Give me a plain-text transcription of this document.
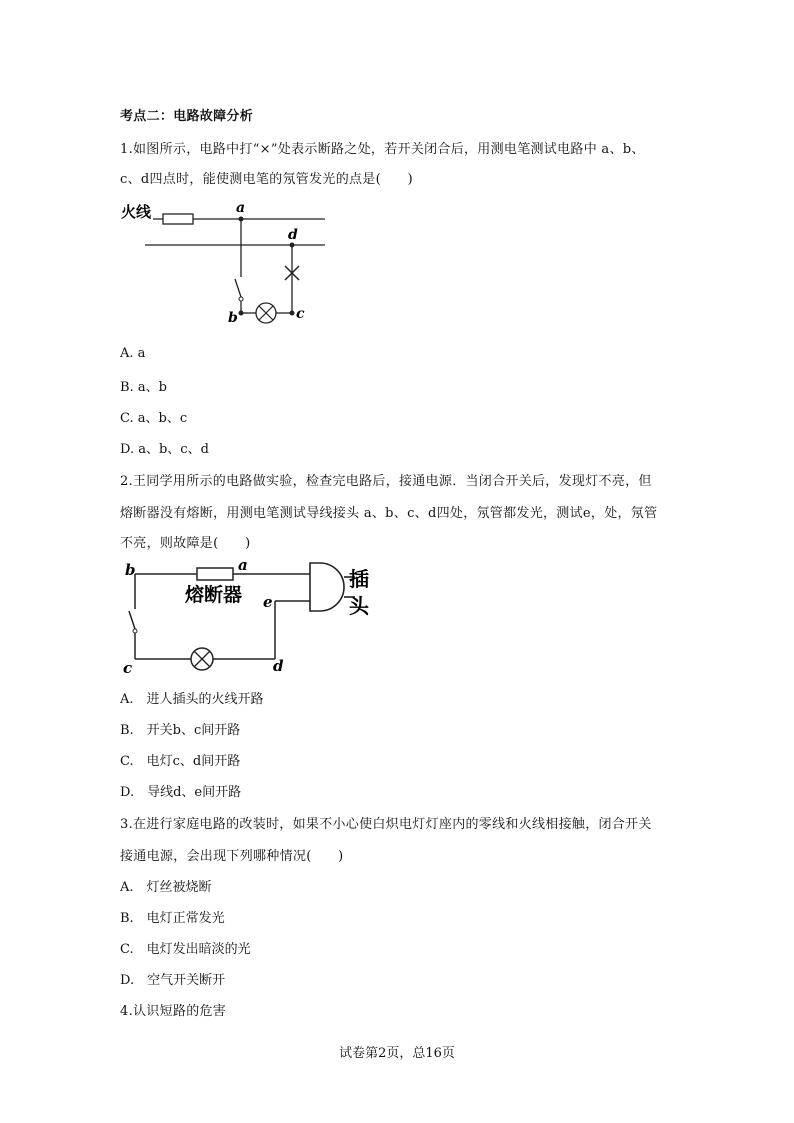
考点二：电路故障分析
1.如图所示，电路中打“×”处表示断路之处，若开关闭合后，用测电笔测试电路中 a、b、
c、d四点时，能使测电笔的氖管发光的点是(　　)
火线	a
b	c
d
A. a
B. a、b
C. a、b、c
D. a、b、c、d
2.王同学用所示的电路做实验，检查完电路后，接通电源．当闭合开关后，发现灯不亮，但
熔断器没有熔断，用测电笔测试导线接头 a、b、c、d四处，氖管都发光，测试e，处，氖管
不亮，则故障是(　　)
b	a
熔断器
插
头
e
d
c
A.　进人插头的火线开路
B.　开关b、c间开路
C.　电灯c、d间开路
D.　导线d、e间开路
3.在进行家庭电路的改装时，如果不小心使白炽电灯灯座内的零线和火线相接触，闭合开关
接通电源，会出现下列哪种情况(　　)
A.　灯丝被烧断
B.　电灯正常发光
C.　电灯发出暗淡的光
D.　空气开关断开
4.认识短路的危害
试卷第2页，总16页
